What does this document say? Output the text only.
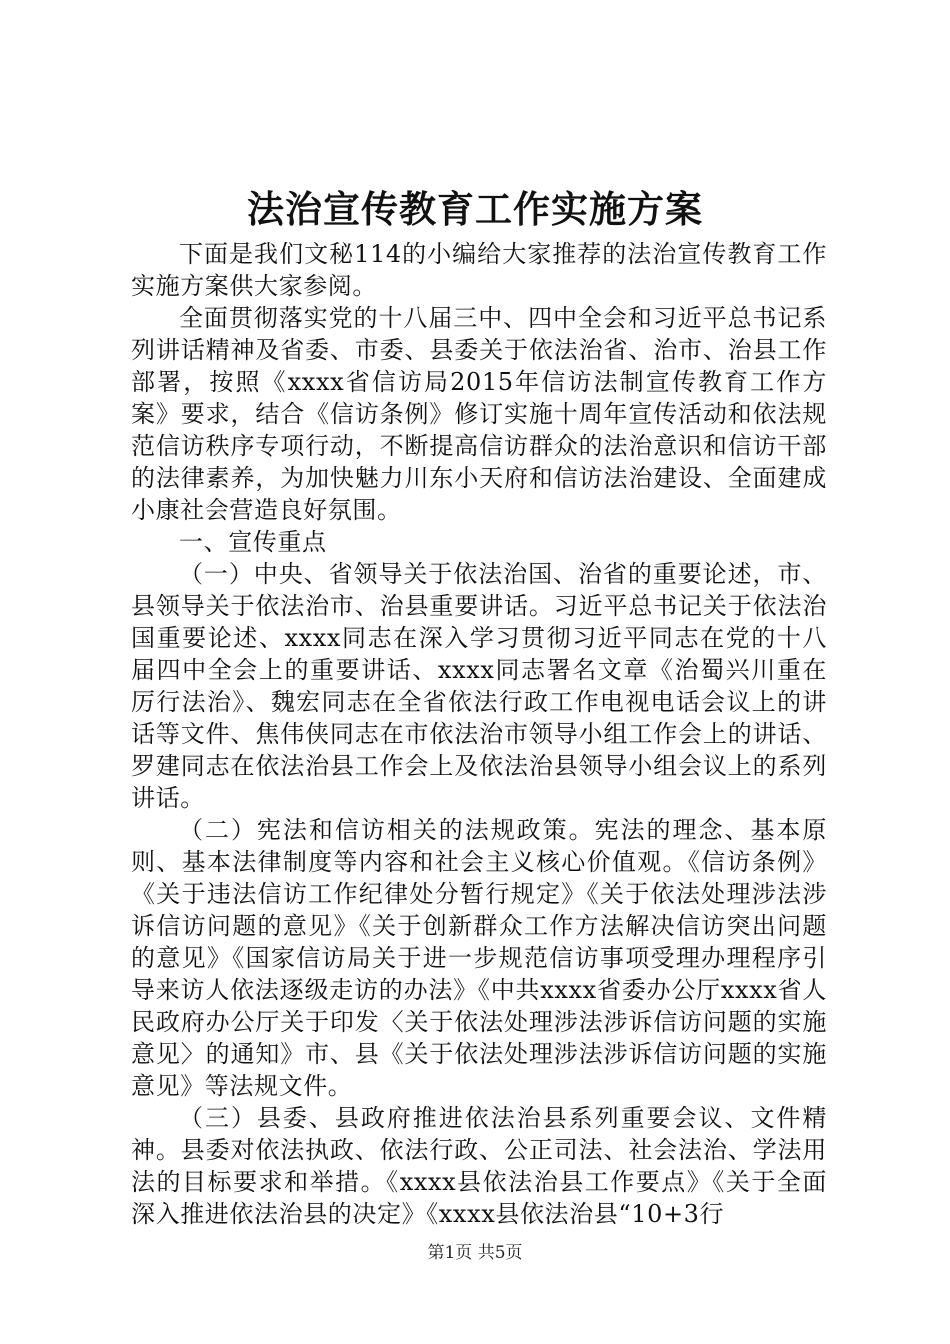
法治宣传教育工作实施方案

下面是我们文秘114的小编给大家推荐的法治宣传教育工作实施方案供大家参阅。

全面贯彻落实党的十八届三中、四中全会和习近平总书记系列讲话精神及省委、市委、县委关于依法治省、治市、治县工作部署，按照《xxxx省信访局2015年信访法制宣传教育工作方案》要求，结合《信访条例》修订实施十周年宣传活动和依法规范信访秩序专项行动，不断提高信访群众的法治意识和信访干部的法律素养，为加快魅力川东小天府和信访法治建设、全面建成小康社会营造良好氛围。

一、宣传重点

（一）中央、省领导关于依法治国、治省的重要论述，市、县领导关于依法治市、治县重要讲话。习近平总书记关于依法治国重要论述、xxxx同志在深入学习贯彻习近平同志在党的十八届四中全会上的重要讲话、xxxx同志署名文章《治蜀兴川重在厉行法治》、魏宏同志在全省依法行政工作电视电话会议上的讲话等文件、焦伟侠同志在市依法治市领导小组工作会上的讲话、罗建同志在依法治县工作会上及依法治县领导小组会议上的系列讲话。

（二）宪法和信访相关的法规政策。宪法的理念、基本原则、基本法律制度等内容和社会主义核心价值观。《信访条例》《关于违法信访工作纪律处分暂行规定》《关于依法处理涉法涉诉信访问题的意见》《关于创新群众工作方法解决信访突出问题的意见》《国家信访局关于进一步规范信访事项受理办理程序引导来访人依法逐级走访的办法》《中共xxxx省委办公厅xxxx省人民政府办公厅关于印发〈关于依法处理涉法涉诉信访问题的实施意见〉的通知》市、县《关于依法处理涉法涉诉信访问题的实施意见》等法规文件。

（三）县委、县政府推进依法治县系列重要会议、文件精神。县委对依法执政、依法行政、公正司法、社会法治、学法用法的目标要求和举措。《xxxx县依法治县工作要点》《关于全面深入推进依法治县的决定》《xxxx县依法治县“10+3行

第1页 共5页
